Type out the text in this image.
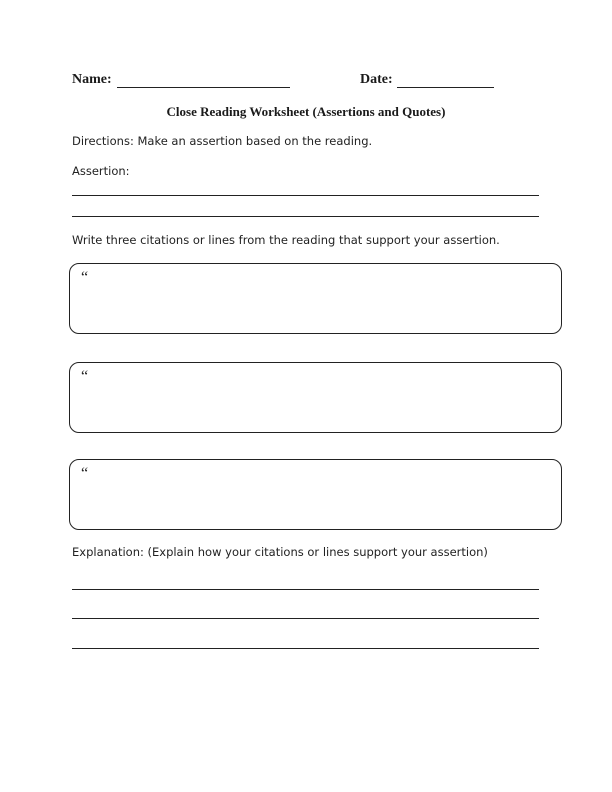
Name:	Date:
Close Reading Worksheet (Assertions and Quotes)
Directions: Make an assertion based on the reading.
Assertion:
Write three citations or lines from the reading that support your assertion.
“
“
“
Explanation: (Explain how your citations or lines support your assertion)
